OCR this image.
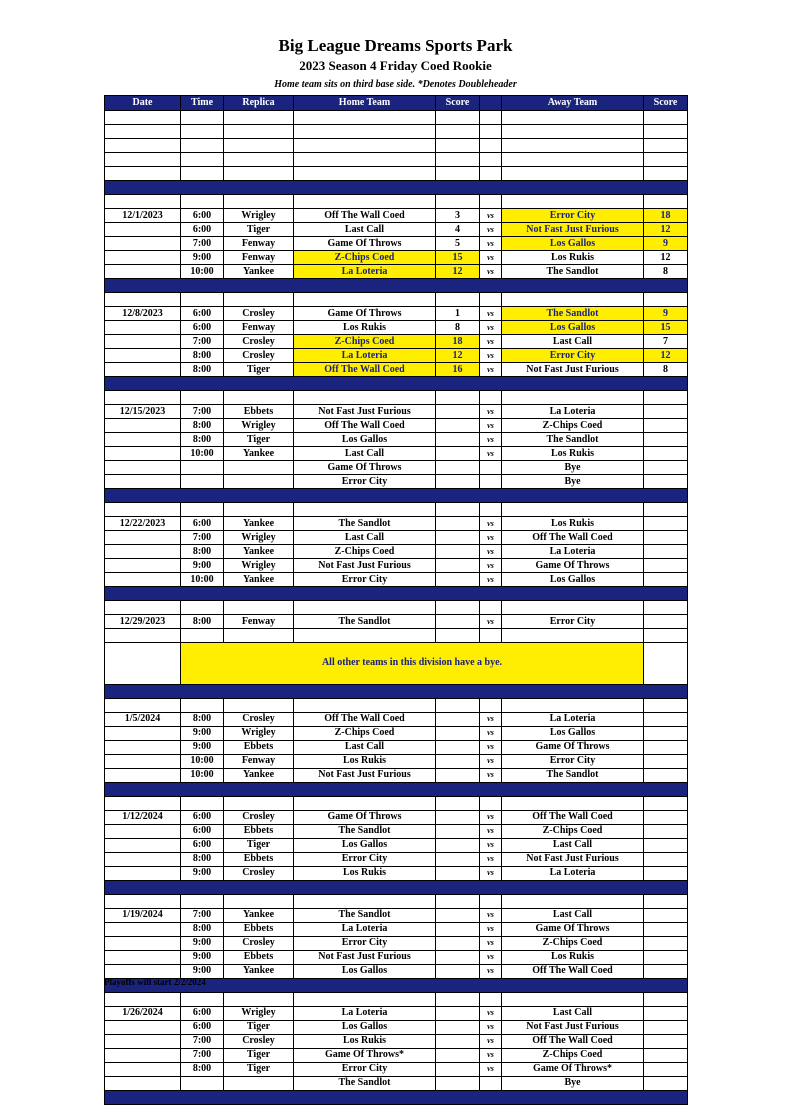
Big League Dreams Sports Park
2023 Season 4 Friday Coed Rookie
Home team sits on third base side. *Denotes Doubleheader
Date	Time	Replica	Home Team	Score		Away Team	Score

12/1/2023	6:00	Wrigley	Off The Wall Coed	3	vs	Error City	18
	6:00	Tiger	Last Call	4	vs	Not Fast Just Furious	12
	7:00	Fenway	Game Of Throws	5	vs	Los Gallos	9
	9:00	Fenway	Z-Chips Coed	15	vs	Los Rukis	12
	10:00	Yankee	La Loteria	12	vs	The Sandlot	8

12/8/2023	6:00	Crosley	Game Of Throws	1	vs	The Sandlot	9
	6:00	Fenway	Los Rukis	8	vs	Los Gallos	15
	7:00	Crosley	Z-Chips Coed	18	vs	Last Call	7
	8:00	Crosley	La Loteria	12	vs	Error City	12
	8:00	Tiger	Off The Wall Coed	16	vs	Not Fast Just Furious	8

12/15/2023	7:00	Ebbets	Not Fast Just Furious		vs	La Loteria	
	8:00	Wrigley	Off The Wall Coed		vs	Z-Chips Coed	
	8:00	Tiger	Los Gallos		vs	The Sandlot	
	10:00	Yankee	Last Call		vs	Los Rukis	
			Game Of Throws			Bye	
			Error City			Bye	

12/22/2023	6:00	Yankee	The Sandlot		vs	Los Rukis	
	7:00	Wrigley	Last Call		vs	Off The Wall Coed	
	8:00	Yankee	Z-Chips Coed		vs	La Loteria	
	9:00	Wrigley	Not Fast Just Furious		vs	Game Of Throws	
	10:00	Yankee	Error City		vs	Los Gallos	

12/29/2023	8:00	Fenway	The Sandlot		vs	Error City	

	All other teams in this division have a bye.						

1/5/2024	8:00	Crosley	Off The Wall Coed		vs	La Loteria	
	9:00	Wrigley	Z-Chips Coed		vs	Los Gallos	
	9:00	Ebbets	Last Call		vs	Game Of Throws	
	10:00	Fenway	Los Rukis		vs	Error City	
	10:00	Yankee	Not Fast Just Furious		vs	The Sandlot	

1/12/2024	6:00	Crosley	Game Of Throws		vs	Off The Wall Coed	
	6:00	Ebbets	The Sandlot		vs	Z-Chips Coed	
	6:00	Tiger	Los Gallos		vs	Last Call	
	8:00	Ebbets	Error City		vs	Not Fast Just Furious	
	9:00	Crosley	Los Rukis		vs	La Loteria	

1/19/2024	7:00	Yankee	The Sandlot		vs	Last Call	
	8:00	Ebbets	La Loteria		vs	Game Of Throws	
	9:00	Crosley	Error City		vs	Z-Chips Coed	
	9:00	Ebbets	Not Fast Just Furious		vs	Los Rukis	
	9:00	Yankee	Los Gallos		vs	Off The Wall Coed	

1/26/2024	6:00	Wrigley	La Loteria		vs	Last Call	
	6:00	Tiger	Los Gallos		vs	Not Fast Just Furious	
	7:00	Crosley	Los Rukis		vs	Off The Wall Coed	
	7:00	Tiger	Game Of Throws*		vs	Z-Chips Coed	
	8:00	Tiger	Error City		vs	Game Of Throws*	
			The Sandlot			Bye	

Playoffs will start 2/2/2024
